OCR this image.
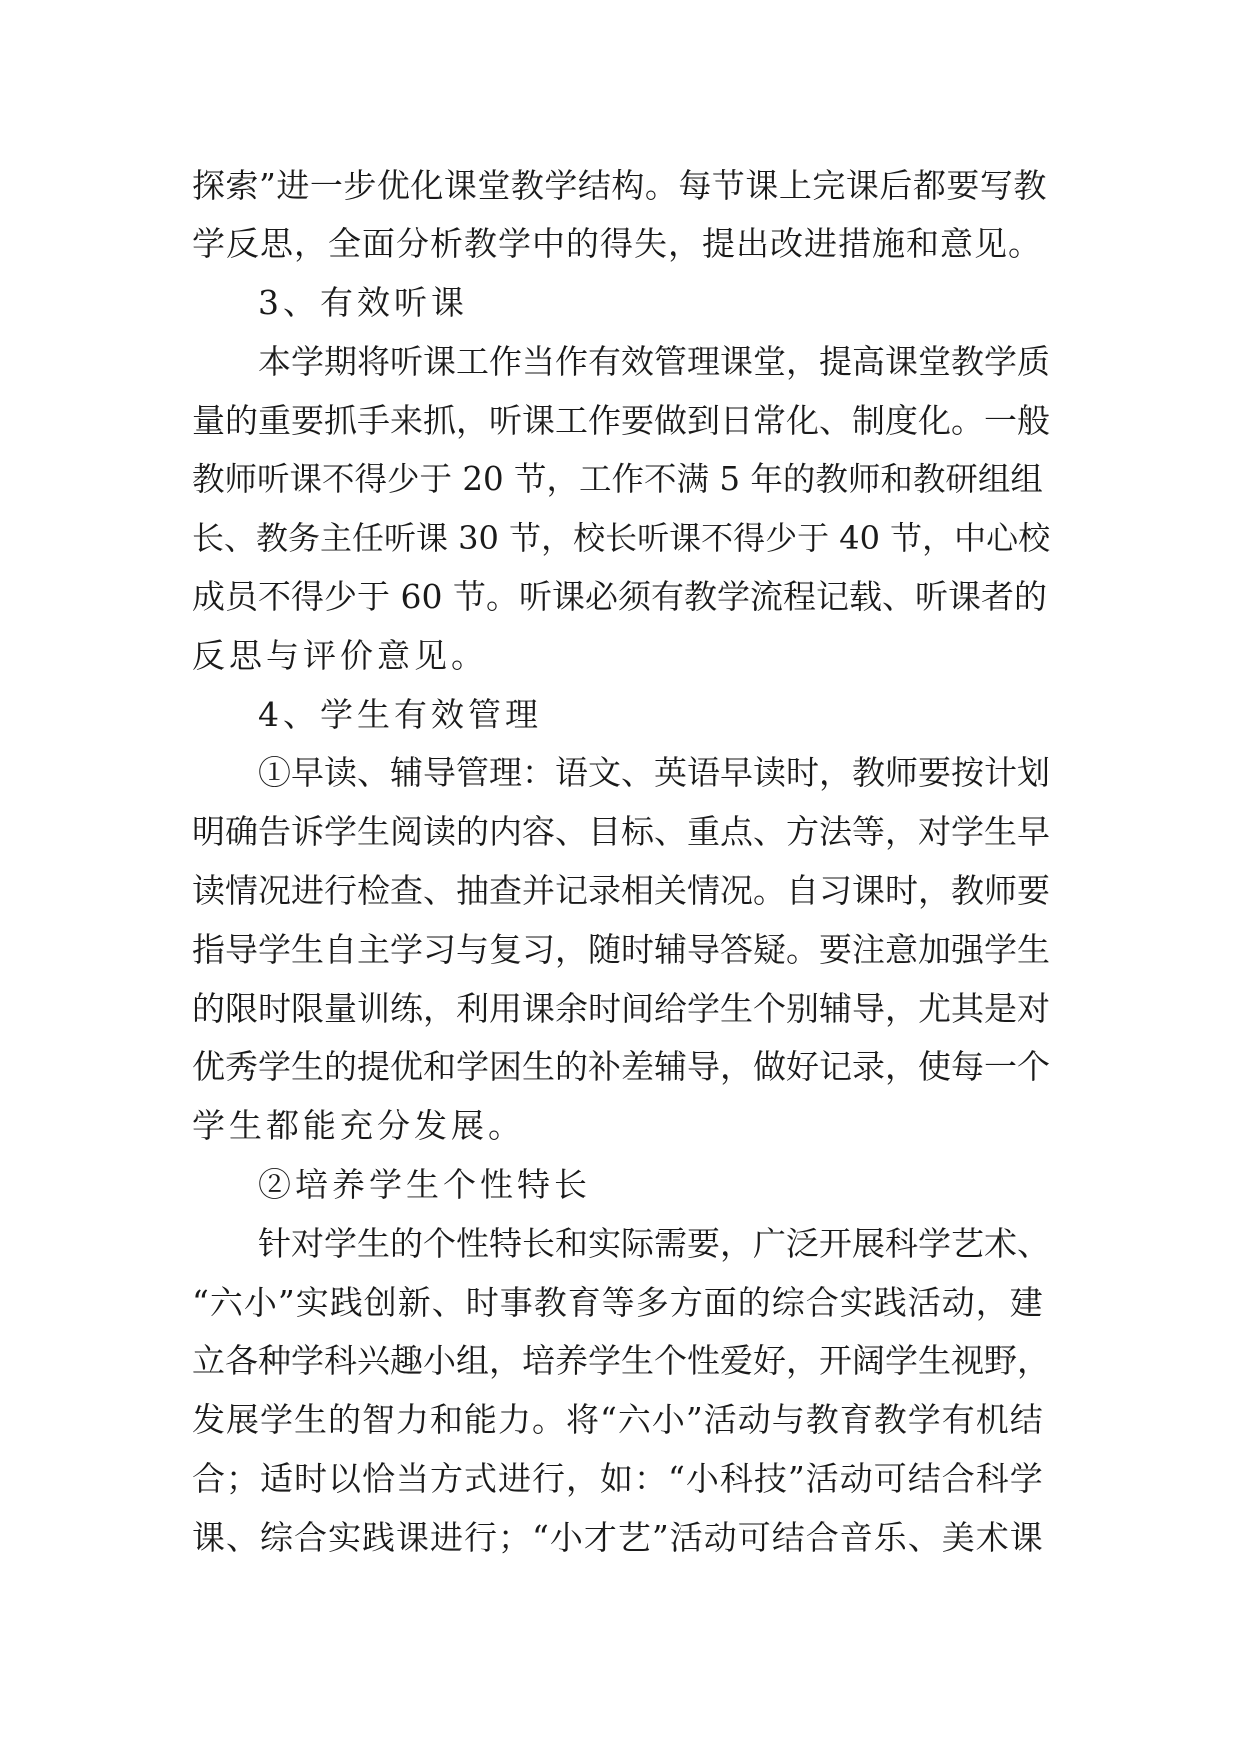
探索”进一步优化课堂教学结构。每节课上完课后都要写教
学反思，全面分析教学中的得失，提出改进措施和意见。
3、有效听课
本学期将听课工作当作有效管理课堂，提高课堂教学质
量的重要抓手来抓，听课工作要做到日常化、制度化。一般
教师听课不得少于 20 节，工作不满 5 年的教师和教研组组
长、教务主任听课 30 节，校长听课不得少于 40 节，中心校
成员不得少于 60 节。听课必须有教学流程记载、听课者的
反思与评价意见。
4、学生有效管理
①早读、辅导管理：语文、英语早读时，教师要按计划
明确告诉学生阅读的内容、目标、重点、方法等，对学生早
读情况进行检查、抽查并记录相关情况。自习课时，教师要
指导学生自主学习与复习，随时辅导答疑。要注意加强学生
的限时限量训练，利用课余时间给学生个别辅导，尤其是对
优秀学生的提优和学困生的补差辅导，做好记录，使每一个
学生都能充分发展。
②培养学生个性特长
针对学生的个性特长和实际需要，广泛开展科学艺术、
“六小”实践创新、时事教育等多方面的综合实践活动，建
立各种学科兴趣小组，培养学生个性爱好，开阔学生视野，
发展学生的智力和能力。将“六小”活动与教育教学有机结
合；适时以恰当方式进行，如：“小科技”活动可结合科学
课、综合实践课进行；“小才艺”活动可结合音乐、美术课
